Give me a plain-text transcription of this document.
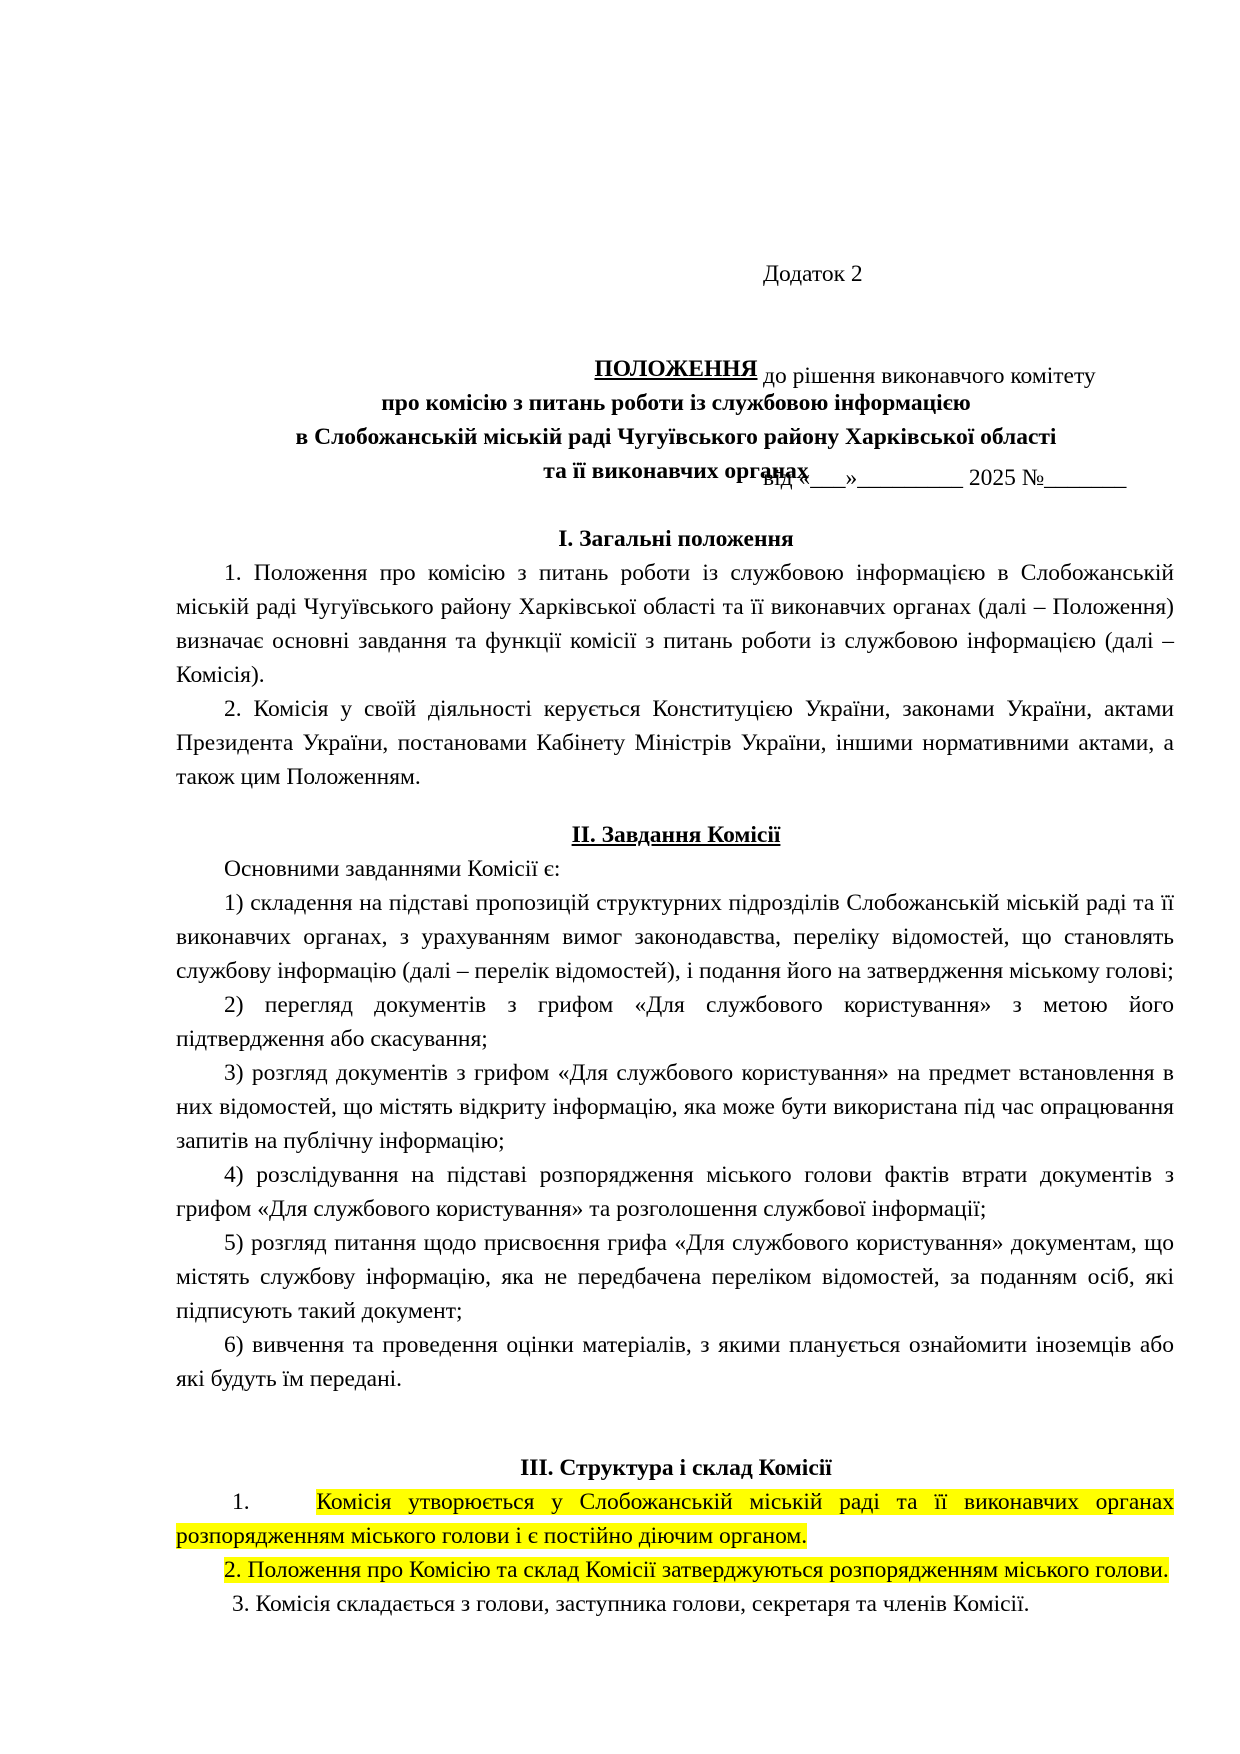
Додаток 2

до рішення виконавчого комітету

від «___»_________ 2025 №_______

ПОЛОЖЕННЯ
про комісію з питань роботи із службовою інформацією
в Слобожанській міській раді Чугуївського району Харківської області
та її виконавчих органах
I. Загальні положення

1. Положення про комісію з питань роботи із службовою інформацією в Слобожанській міській раді Чугуївського району Харківської області та її виконавчих органах (далі – Положення) визначає основні завдання та функції комісії з питань роботи із службовою інформацією (далі – Комісія).

2. Комісія у своїй діяльності керується Конституцією України, законами України, актами Президента України, постановами Кабінету Міністрів України, іншими нормативними актами, а також цим Положенням.

II. Завдання Комісії

Основними завданнями Комісії є:

1) складення на підставі пропозицій структурних підрозділів Слобожанській міській раді та її виконавчих органах, з урахуванням вимог законодавства, переліку відомостей, що становлять службову інформацію (далі – перелік відомостей), і подання його на затвердження міському голові;

2) перегляд документів з грифом «Для службового користування» з метою його підтвердження або скасування;

3) розгляд документів з грифом «Для службового користування» на предмет встановлення в них відомостей, що містять відкриту інформацію, яка може бути використана під час опрацювання запитів на публічну інформацію;

4) розслідування на підставі розпорядження міського голови фактів втрати документів з грифом «Для службового користування» та розголошення службової інформації;

5) розгляд питання щодо присвоєння грифа «Для службового користування» документам, що містять службову інформацію, яка не передбачена переліком відомостей, за поданням осіб, які підписують такий документ;

6) вивчення та проведення оцінки матеріалів, з якими планується ознайомити іноземців або які будуть їм передані.

III. Структура і склад Комісії

1.	Комісія утворюється у Слобожанській міській раді та її виконавчих органах розпорядженням міського голови і є постійно діючим органом.

2. Положення про Комісію та склад Комісії затверджуються розпорядженням міського голови.

3. Комісія складається з голови, заступника голови, секретаря та членів Комісії.
